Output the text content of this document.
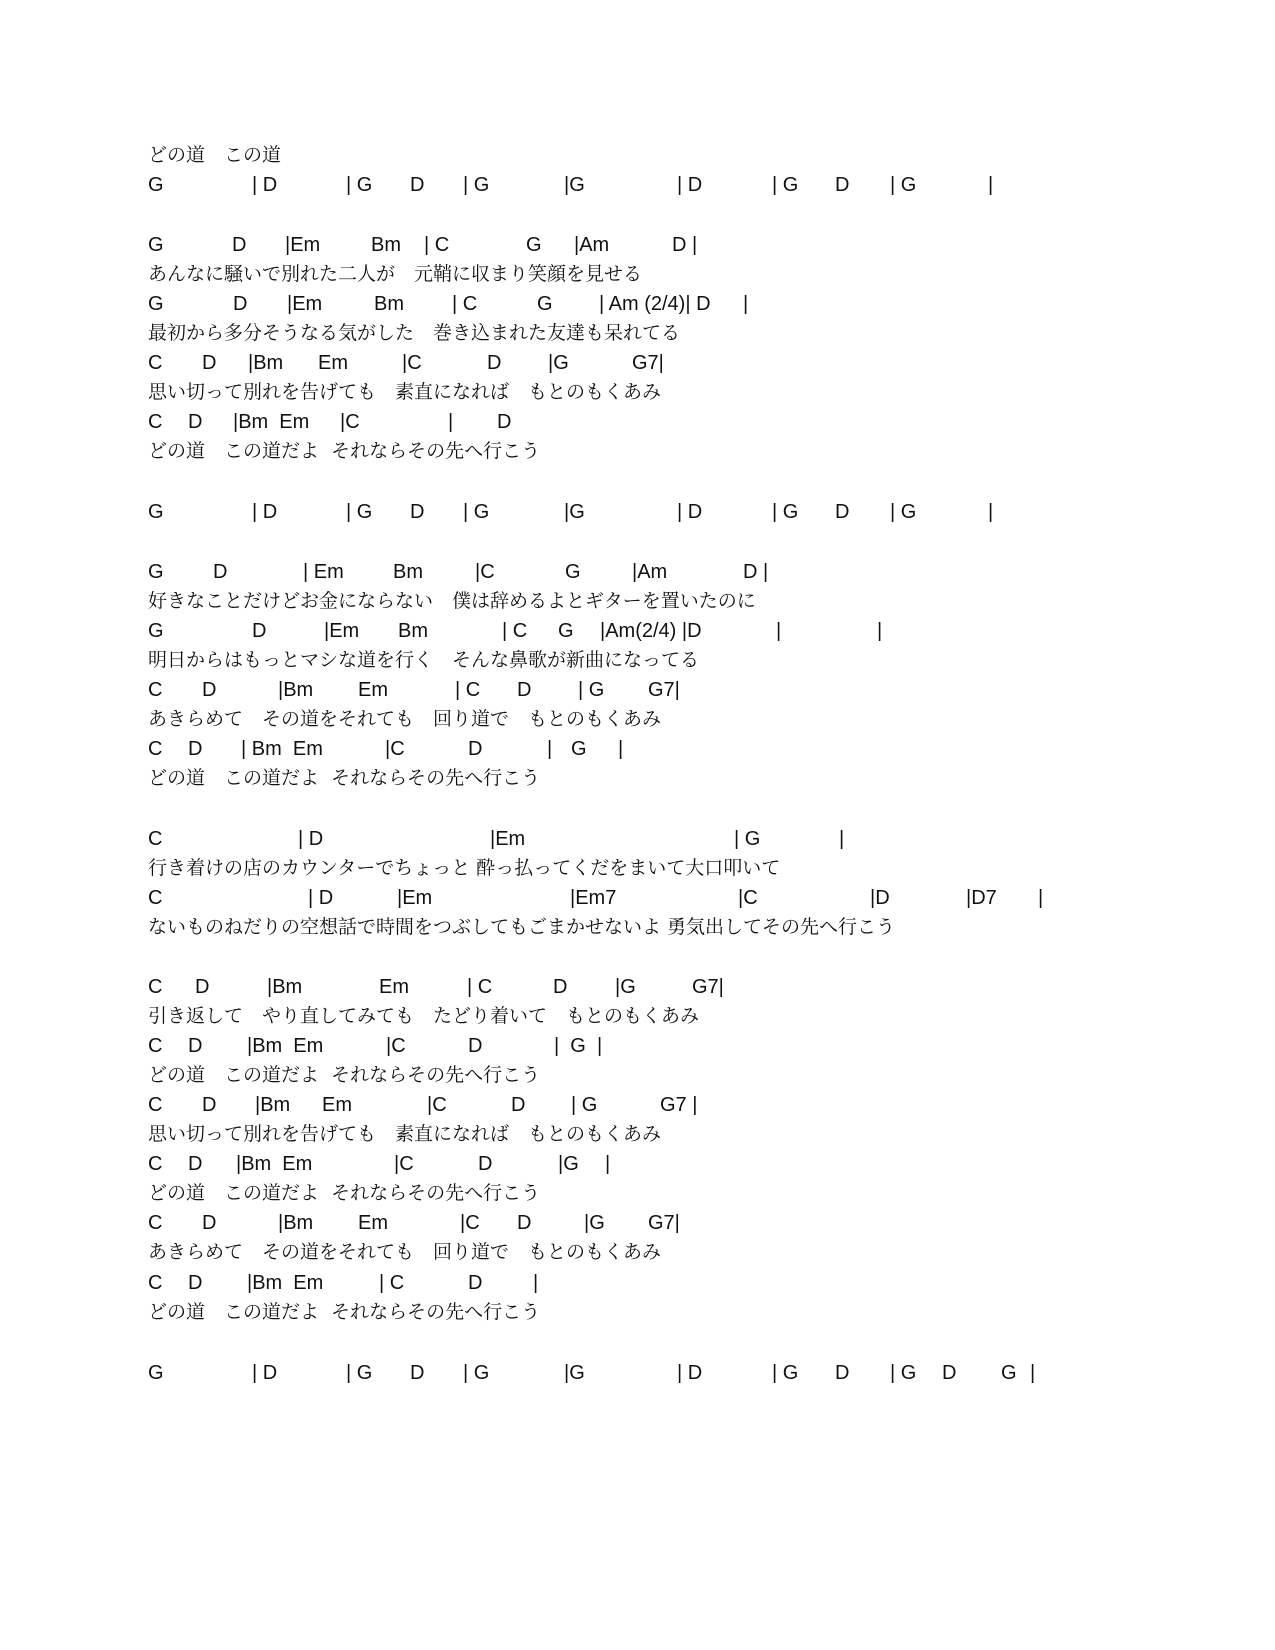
どの道　この道

G	| D	| G D | G	|G	| D	| G D | G	|
G	D |Em	Bm | C	G |Am	D |
あんなに騒いで別れた二人が　元鞘に収まり笑顔を見せる
G	D |Em	Bm | C	G | Am (2/4)| D |
最初から多分そうなる気がした　巻き込まれた友達も呆れてる
C D |Bm Em	|C	D |G	G7|
思い切って別れを告げても　素直になれば　もとのもくあみ
C D |Bm  Em |C	D
|
どの道　この道だよ  それならその先へ行こう
G	| D	| G D | G	|G	| D	| G D | G	|
G D	| Em Bm	|C	G	|Am	D |
好きなことだけどお金にならない　僕は辞めるよとギターを置いたのに
G	D	|Em Bm	| C G |Am(2/4) |D	|	|
明日からはもっとマシな道を行く　そんな鼻歌が新曲になってる
C D	|Bm Em	| C D | G G7|
あきらめて　その道をそれても　回り道で　もとのもくあみ
C D | Bm  Em	|C	D	| G |
どの道　この道だよ  それならその先へ行こう
C	| D	|Em	| G	|
行き着けの店のカウンターでちょっと 酔っ払ってくだをまいて大口叩いて
C	| D	|Em	|Em7	|C	|D	|D7 |
ないものねだりの空想話で時間をつぶしてもごまかせないよ 勇気出してその先へ行こう
C D	|Bm	Em	| C	D |G	G7|
引き返して　やり直してみても　たどり着いて　もとのもくあみ
C D |Bm  Em	|C	D	|  G  |
どの道　この道だよ  それならその先へ行こう
C D |Bm Em	|C	D | G	G7 |
思い切って別れを告げても　素直になれば　もとのもくあみ
C D |Bm  Em	|C	D	|G |
どの道　この道だよ  それならその先へ行こう
C D	|Bm Em	|C D	|G G7|
あきらめて　その道をそれても　回り道で　もとのもくあみ
C D |Bm  Em	| C	D	|
どの道　この道だよ  それならその先へ行こう
G	| D	| G D | G	|G	| D	| G D | G D G |
